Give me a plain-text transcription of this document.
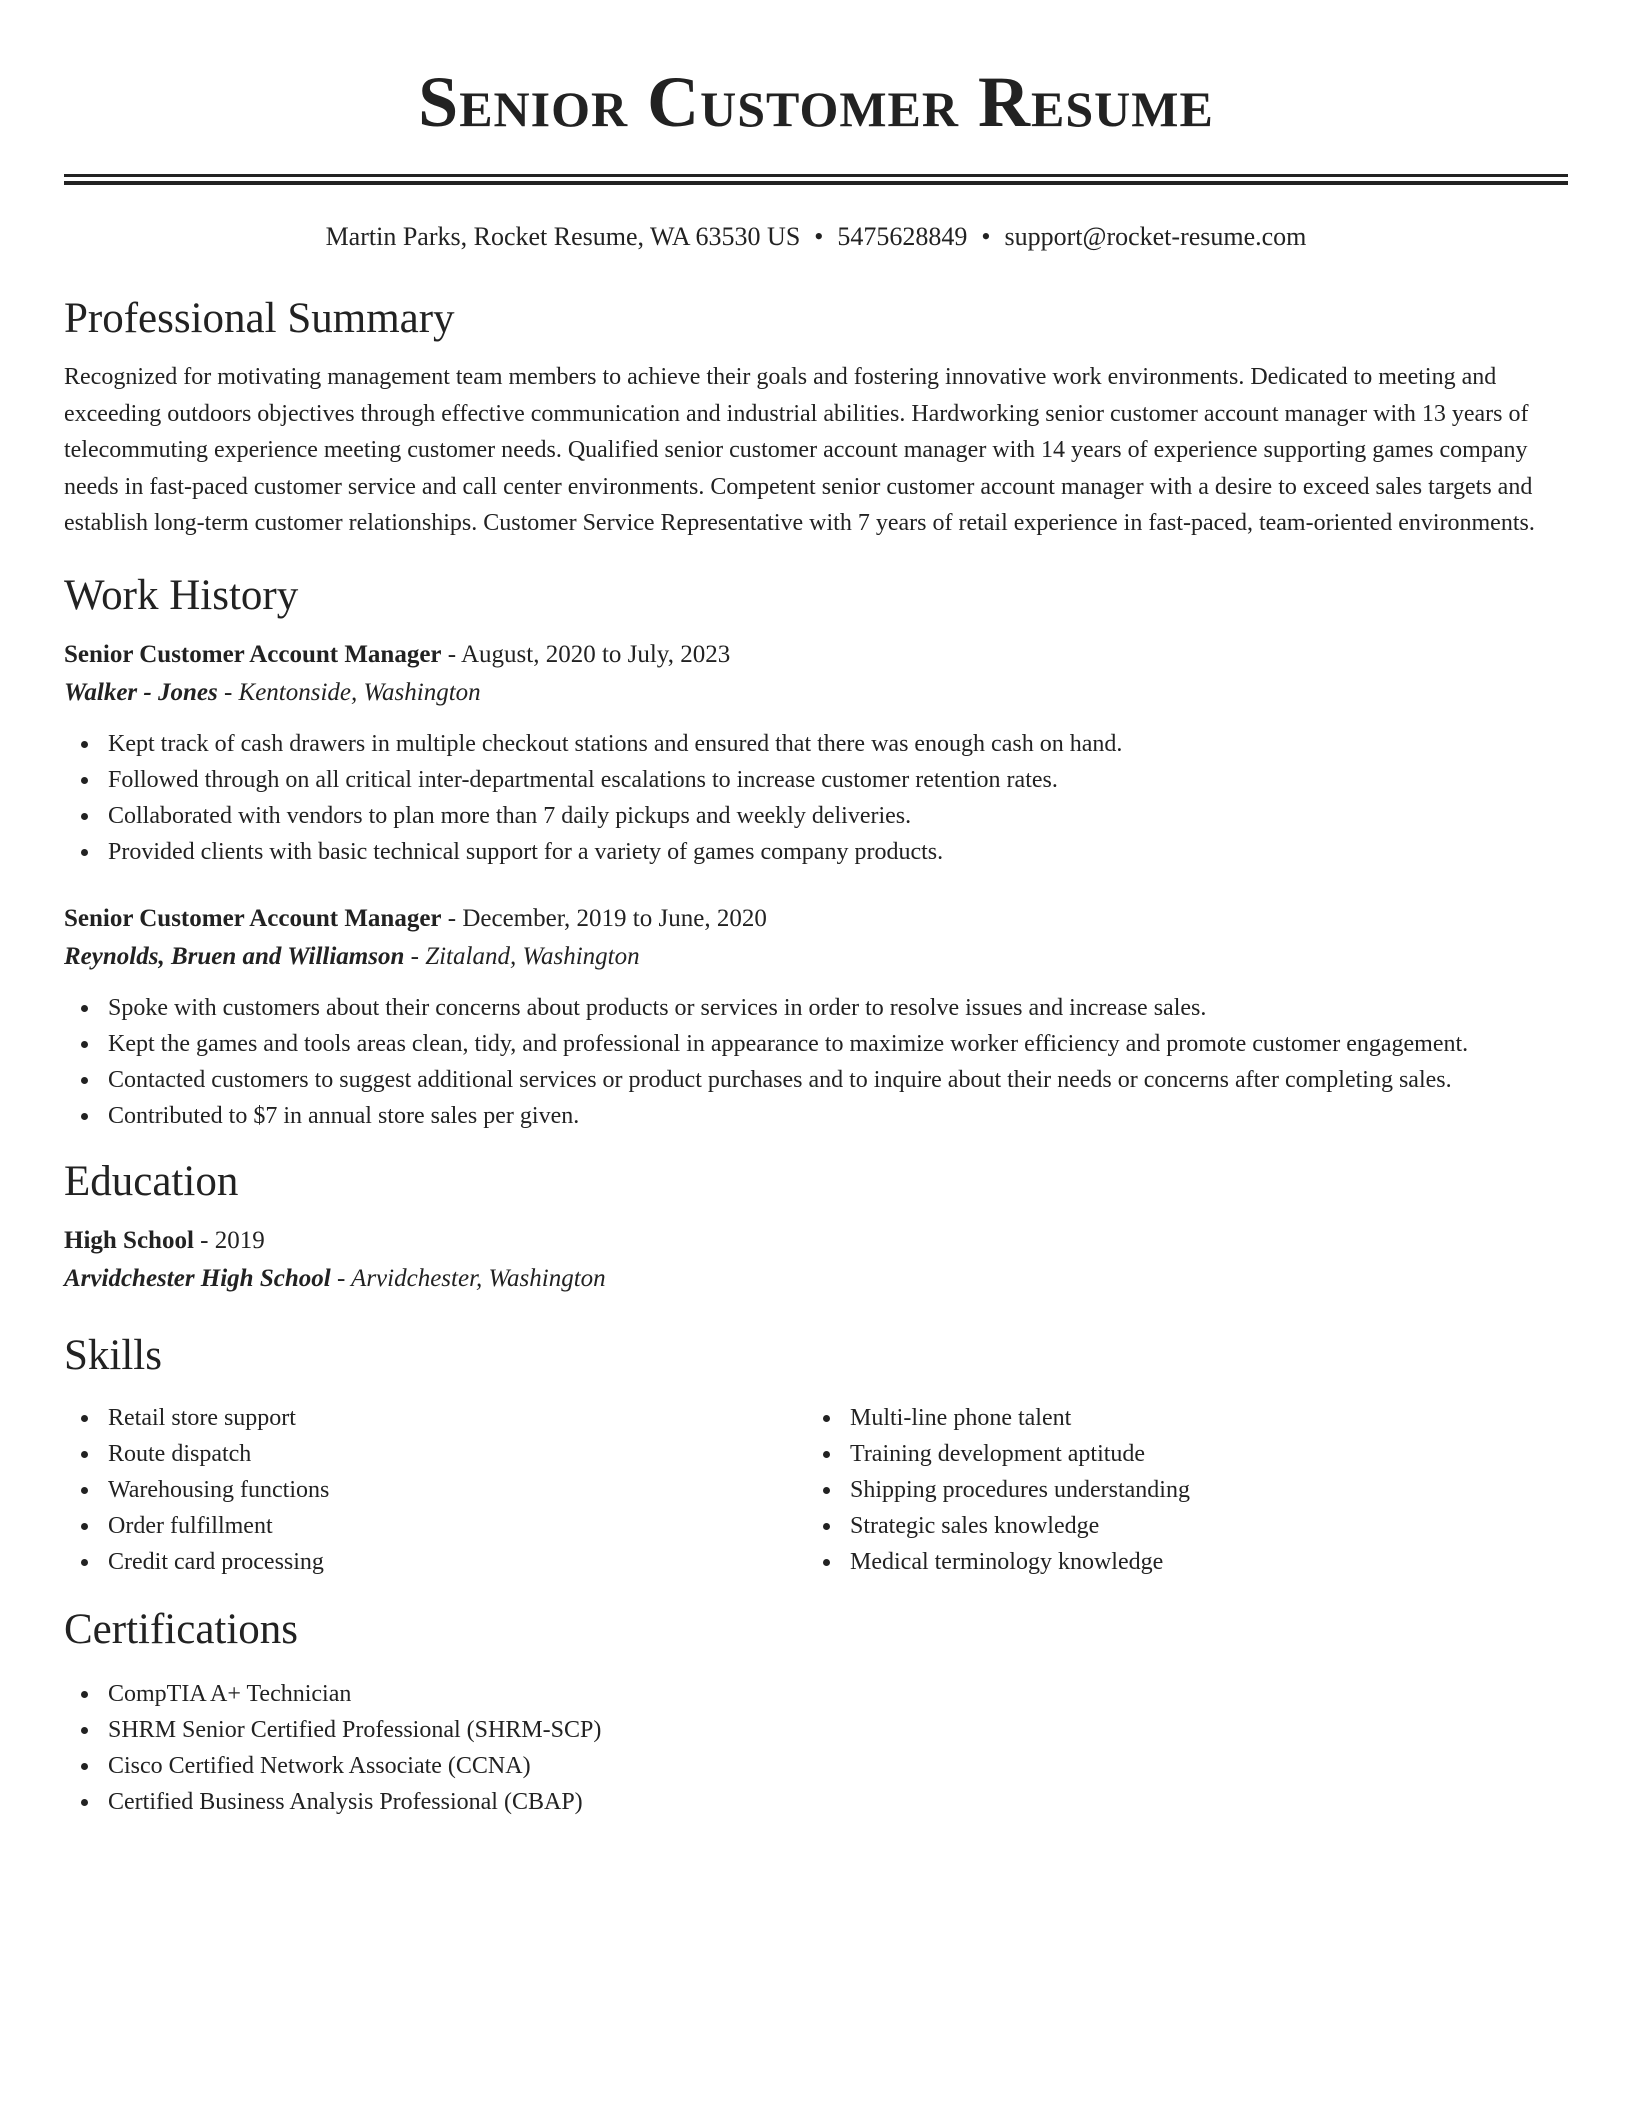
Senior Customer Resume
Martin Parks, Rocket Resume, WA 63530 US • 5475628849 • support@rocket-resume.com
Professional Summary

Recognized for motivating management team members to achieve their goals and fostering innovative work environments. Dedicated to meeting and exceeding outdoors objectives through effective communication and industrial abilities. Hardworking senior customer account manager with 13 years of telecommuting experience meeting customer needs. Qualified senior customer account manager with 14 years of experience supporting games company needs in fast-paced customer service and call center environments. Competent senior customer account manager with a desire to exceed sales targets and establish long-term customer relationships. Customer Service Representative with 7 years of retail experience in fast-paced, team-oriented environments.

Work History
Senior Customer Account Manager - August, 2020 to July, 2023
Walker - Jones - Kentonside, Washington
Kept track of cash drawers in multiple checkout stations and ensured that there was enough cash on hand.
Followed through on all critical inter-departmental escalations to increase customer retention rates.
Collaborated with vendors to plan more than 7 daily pickups and weekly deliveries.
Provided clients with basic technical support for a variety of games company products.
Senior Customer Account Manager - December, 2019 to June, 2020
Reynolds, Bruen and Williamson - Zitaland, Washington
Spoke with customers about their concerns about products or services in order to resolve issues and increase sales.
Kept the games and tools areas clean, tidy, and professional in appearance to maximize worker efficiency and promote customer engagement.
Contacted customers to suggest additional services or product purchases and to inquire about their needs or concerns after completing sales.
Contributed to $7 in annual store sales per given.
Education
High School - 2019
Arvidchester High School - Arvidchester, Washington
Skills
Retail store support
Route dispatch
Warehousing functions
Order fulfillment
Credit card processing
Multi-line phone talent
Training development aptitude
Shipping procedures understanding
Strategic sales knowledge
Medical terminology knowledge
Certifications
CompTIA A+ Technician
SHRM Senior Certified Professional (SHRM-SCP)
Cisco Certified Network Associate (CCNA)
Certified Business Analysis Professional (CBAP)
